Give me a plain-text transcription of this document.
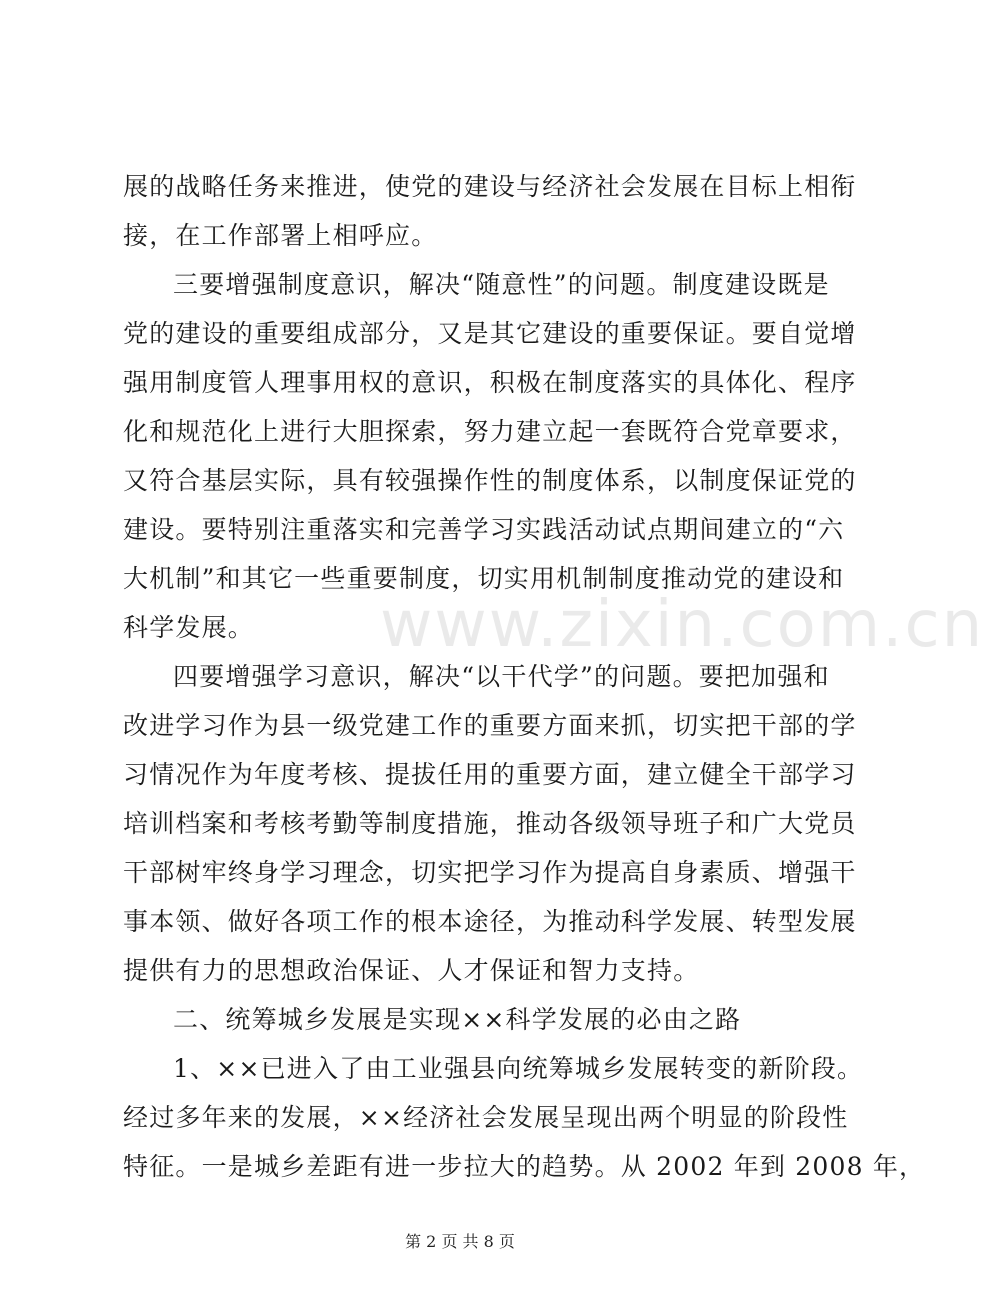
www.zixin.com.cn
展的战略任务来推进，使党的建设与经济社会发展在目标上相衔
接，在工作部署上相呼应。
三要增强制度意识，解决“随意性”的问题。制度建设既是
党的建设的重要组成部分，又是其它建设的重要保证。要自觉增
强用制度管人理事用权的意识，积极在制度落实的具体化、程序
化和规范化上进行大胆探索，努力建立起一套既符合党章要求，
又符合基层实际，具有较强操作性的制度体系，以制度保证党的
建设。要特别注重落实和完善学习实践活动试点期间建立的“六
大机制”和其它一些重要制度，切实用机制制度推动党的建设和
科学发展。
四要增强学习意识，解决“以干代学”的问题。要把加强和
改进学习作为县一级党建工作的重要方面来抓，切实把干部的学
习情况作为年度考核、提拔任用的重要方面，建立健全干部学习
培训档案和考核考勤等制度措施，推动各级领导班子和广大党员
干部树牢终身学习理念，切实把学习作为提高自身素质、增强干
事本领、做好各项工作的根本途径，为推动科学发展、转型发展
提供有力的思想政治保证、人才保证和智力支持。
二、统筹城乡发展是实现××科学发展的必由之路
1、××已进入了由工业强县向统筹城乡发展转变的新阶段。
经过多年来的发展，××经济社会发展呈现出两个明显的阶段性
特征。一是城乡差距有进一步拉大的趋势。从 2002 年到 2008 年，
第 2 页 共 8 页
